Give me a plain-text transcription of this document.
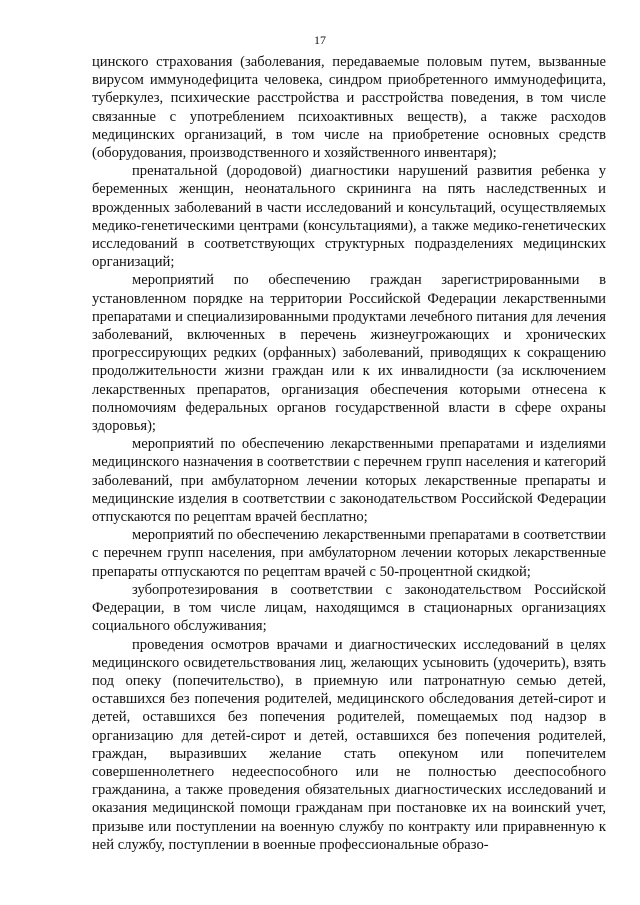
17

цинского страхования (заболевания, передаваемые половым путем, вызванные вирусом иммунодефицита человека, синдром приобретенного иммунодефицита, туберкулез, психические расстройства и расстройства поведения, в том числе связанные с употреблением психоактивных веществ), а также расходов медицинских организаций, в том числе на приобретение основных средств (оборудования, производственного и хозяйственного инвентаря);

пренатальной (дородовой) диагностики нарушений развития ребенка у беременных женщин, неонатального скрининга на пять наследственных и врожденных заболеваний в части исследований и консультаций, осуществляемых медико-генетическими центрами (консультациями), а также медико-генетических исследований в соответствующих структурных подразделениях медицинских организаций;

мероприятий по обеспечению граждан зарегистрированными в установленном порядке на территории Российской Федерации лекарственными препаратами и специализированными продуктами лечебного питания для лечения заболеваний, включенных в перечень жизнеугрожающих и хронических прогрессирующих редких (орфанных) заболеваний, приводящих к сокращению продолжительности жизни граждан или к их инвалидности (за исключением лекарственных препаратов, организация обеспечения которыми отнесена к полномочиям федеральных органов государственной власти в сфере охраны здоровья);

мероприятий по обеспечению лекарственными препаратами и изделиями медицинского назначения в соответствии с перечнем групп населения и категорий заболеваний, при амбулаторном лечении которых лекарственные препараты и медицинские изделия в соответствии с законодательством Российской Федерации отпускаются по рецептам врачей бесплатно;

мероприятий по обеспечению лекарственными препаратами в соответствии с перечнем групп населения, при амбулаторном лечении которых лекарственные препараты отпускаются по рецептам врачей с 50-процентной скидкой;

зубопротезирования в соответствии с законодательством Российской Федерации, в том числе лицам, находящимся в стационарных организациях социального обслуживания;

проведения осмотров врачами и диагностических исследований в целях медицинского освидетельствования лиц, желающих усыновить (удочерить), взять под опеку (попечительство), в приемную или патронатную семью детей, оставшихся без попечения родителей, медицинского обследования детей-сирот и детей, оставшихся без попечения родителей, помещаемых под надзор в организацию для детей-сирот и детей, оставшихся без попечения родителей, граждан, выразивших желание стать опекуном или попечителем совершеннолетнего недееспособного или не полностью дееспособного гражданина, а также проведения обязательных диагностических исследований и оказания медицинской помощи гражданам при постановке их на воинский учет, призыве или поступлении на военную службу по контракту или приравненную к ней службу, поступлении в военные профессиональные образо-
